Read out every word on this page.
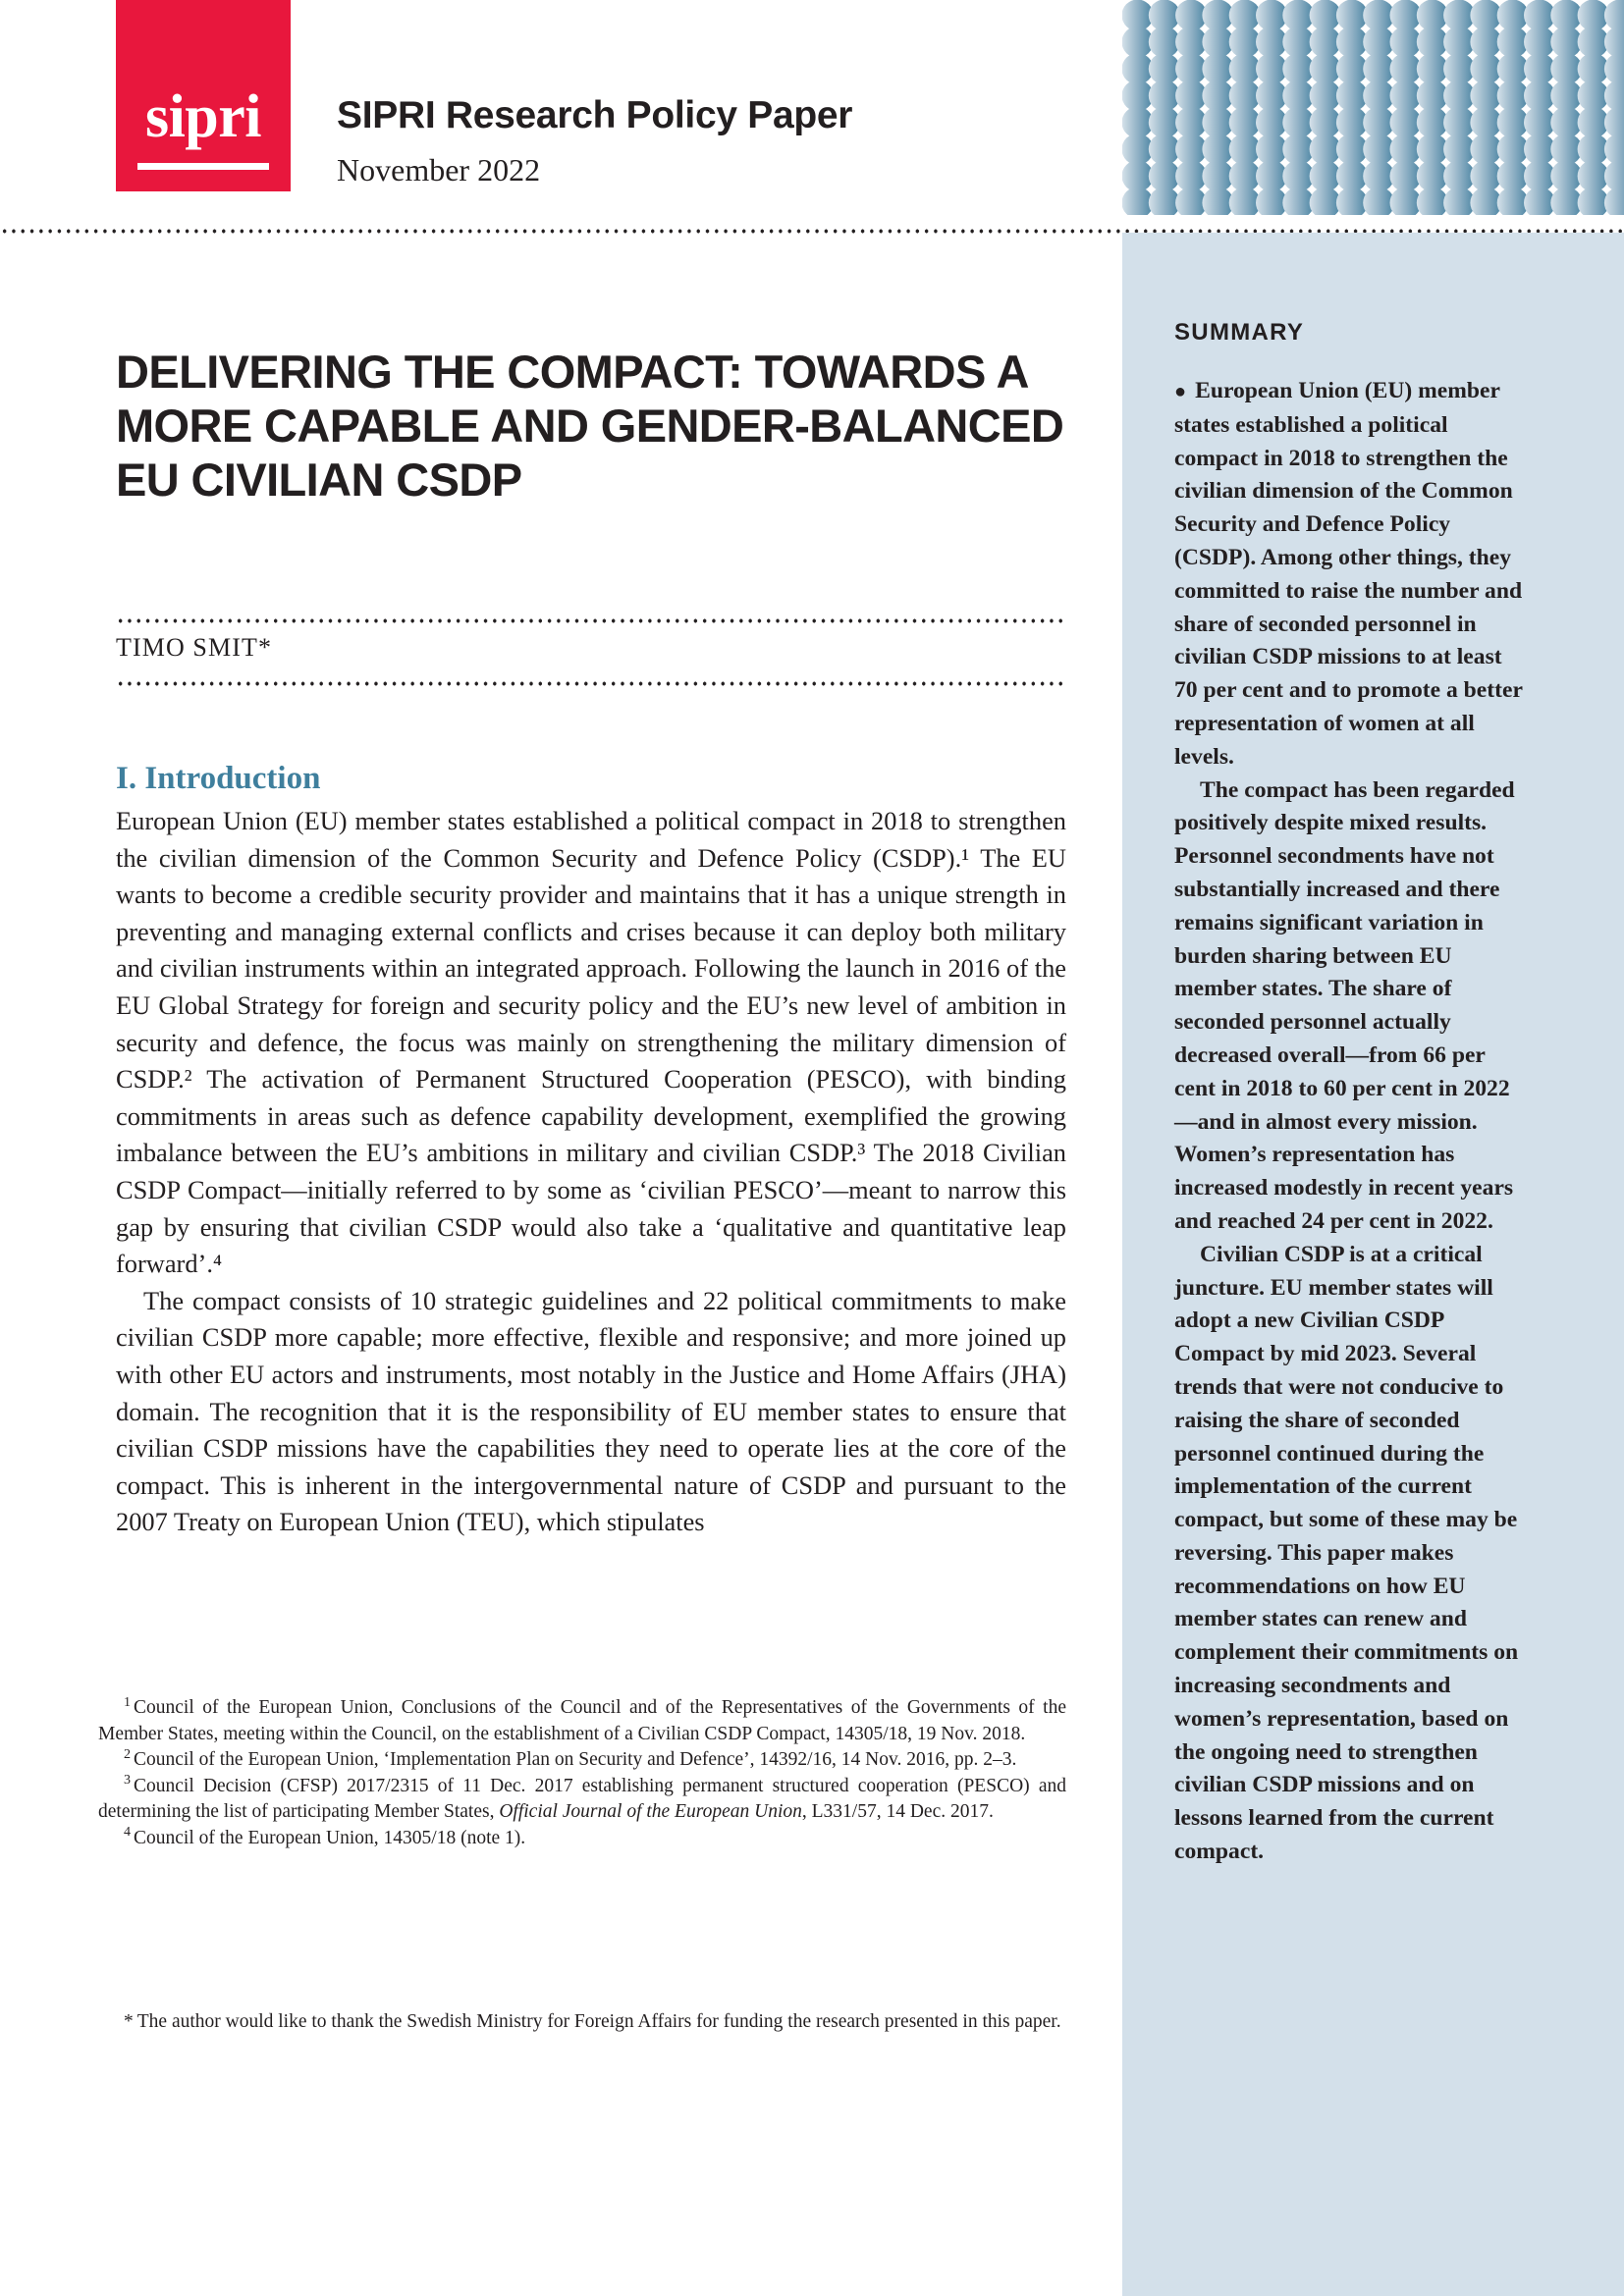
sipri	SIPRI Research Policy Paper
November 2022
SUMMARY

● European Union (EU) member states established a political compact in 2018 to strengthen the civilian dimension of the Common Security and Defence Policy (CSDP). Among other things, they committed to raise the number and share of seconded personnel in civilian CSDP missions to at least 70 per cent and to promote a better representation of women at all levels.

The compact has been regarded positively despite mixed results. Personnel secondments have not substantially increased and there remains significant variation in burden sharing between EU member states. The share of seconded personnel actually decreased overall—from 66 per cent in 2018 to 60 per cent in 2022—and in almost every mission. Women’s representation has increased modestly in recent years and reached 24 per cent in 2022.

Civilian CSDP is at a critical juncture. EU member states will adopt a new Civilian CSDP Compact by mid 2023. Several trends that were not conducive to raising the share of seconded personnel continued during the implementation of the current compact, but some of these may be reversing. This paper makes recommendations on how EU member states can renew and complement their commitments on increasing secondments and women’s representation, based on the ongoing need to strengthen civilian CSDP missions and on lessons learned from the current compact.

DELIVERING THE COMPACT: TOWARDS A MORE CAPABLE AND GENDER-BALANCED EU CIVILIAN CSDP
TIMO SMIT*
I. Introduction

European Union (EU) member states established a political compact in 2018 to strengthen the civilian dimension of the Common Security and Defence Policy (CSDP).¹ The EU wants to become a credible security provider and maintains that it has a unique strength in preventing and managing external conflicts and crises because it can deploy both military and civilian instruments within an integrated approach. Following the launch in 2016 of the EU Global Strategy for foreign and security policy and the EU’s new level of ambition in security and defence, the focus was mainly on strengthening the military dimension of CSDP.² The activation of Permanent Structured Cooperation (PESCO), with binding commitments in areas such as defence capability development, exemplified the growing imbalance between the EU’s ambitions in military and civilian CSDP.³ The 2018 Civilian CSDP Compact—initially referred to by some as ‘civilian PESCO’—meant to narrow this gap by ensuring that civilian CSDP would also take a ‘qualitative and quantitative leap forward’.⁴

The compact consists of 10 strategic guidelines and 22 political commitments to make civilian CSDP more capable; more effective, flexible and responsive; and more joined up with other EU actors and instruments, most notably in the Justice and Home Affairs (JHA) domain. The recognition that it is the responsibility of EU member states to ensure that civilian CSDP missions have the capabilities they need to operate lies at the core of the compact. This is inherent in the intergovernmental nature of CSDP and pursuant to the 2007 Treaty on European Union (TEU), which stipulates

$^1$ Council of the European Union, Conclusions of the Council and of the Representatives of the Governments of the Member States, meeting within the Council, on the establishment of a Civilian CSDP Compact, 14305/18, 19 Nov. 2018.

$^2$ Council of the European Union, ‘Implementation Plan on Security and Defence’, 14392/16, 14 Nov. 2016, pp. 2–3.

$^3$ Council Decision (CFSP) 2017/2315 of 11 Dec. 2017 establishing permanent structured cooperation (PESCO) and determining the list of participating Member States, Official Journal of the European Union, L331/57, 14 Dec. 2017.

$^4$ Council of the European Union, 14305/18 (note 1).

* The author would like to thank the Swedish Ministry for Foreign Affairs for funding the research presented in this paper.
